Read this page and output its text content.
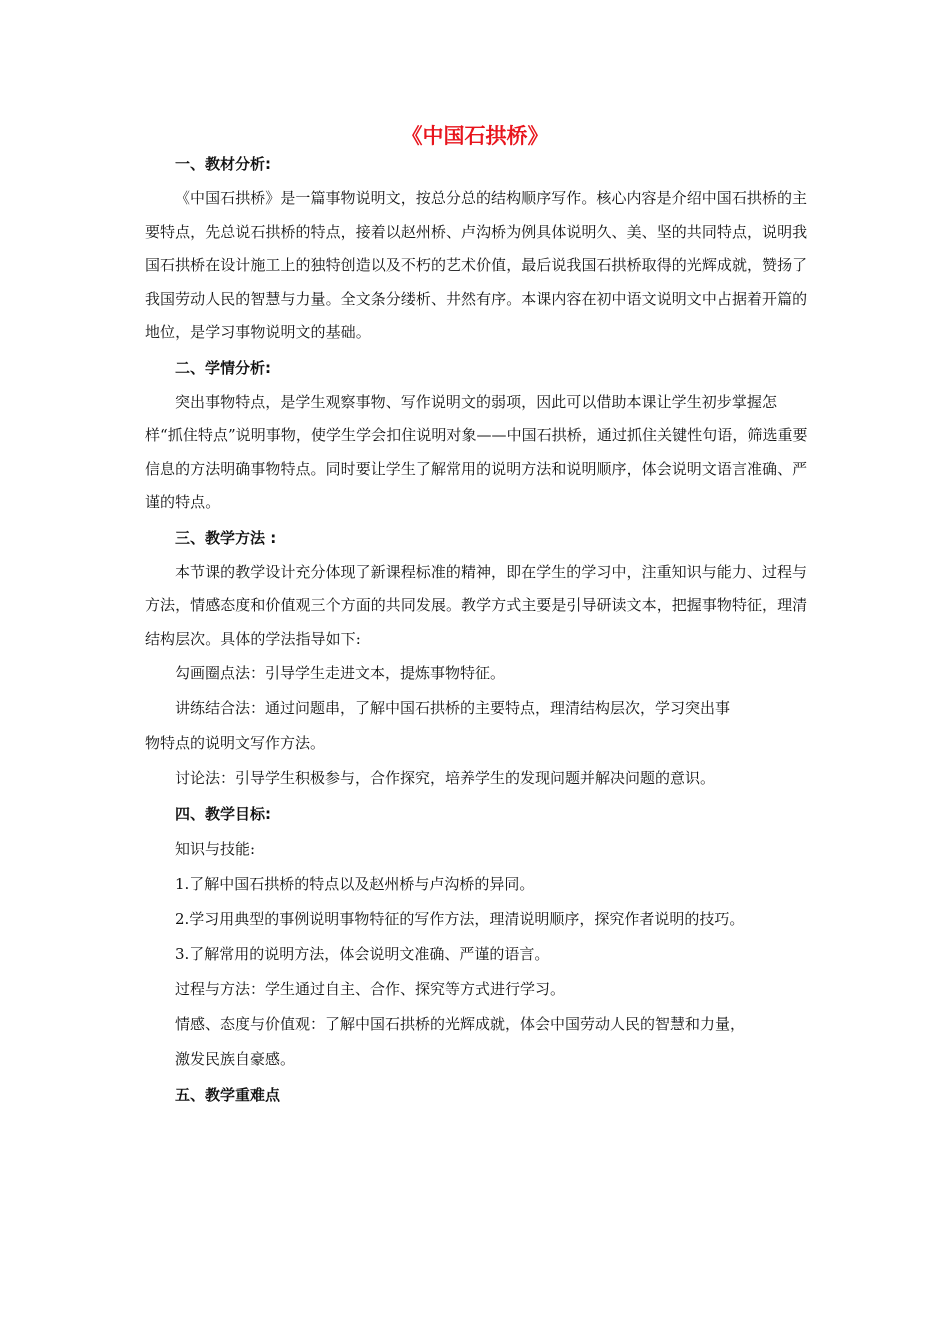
《中国石拱桥》
一、教材分析:

《中国石拱桥》是一篇事物说明文，按总分总的结构顺序写作。核心内容是介绍中国石拱桥的主要特点，先总说石拱桥的特点，接着以赵州桥、卢沟桥为例具体说明久、美、坚的共同特点，说明我国石拱桥在设计施工上的独特创造以及不朽的艺术价值，最后说我国石拱桥取得的光辉成就，赞扬了我国劳动人民的智慧与力量。全文条分缕析、井然有序。本课内容在初中语文说明文中占据着开篇的地位，是学习事物说明文的基础。

二、学情分析:

突出事物特点，是学生观察事物、写作说明文的弱项，因此可以借助本课让学生初步掌握怎样“抓住特点”说明事物，使学生学会扣住说明对象——中国石拱桥，通过抓住关键性句语，筛选重要信息的方法明确事物特点。同时要让学生了解常用的说明方法和说明顺序，体会说明文语言准确、严谨的特点。

三、教学方法 :

本节课的教学设计充分体现了新课程标准的精神，即在学生的学习中，注重知识与能力、过程与方法，情感态度和价值观三个方面的共同发展。教学方式主要是引导研读文本，把握事物特征，理清结构层次。具体的学法指导如下:

勾画圈点法：引导学生走进文本，提炼事物特征。

讲练结合法：通过问题串，了解中国石拱桥的主要特点，理清结构层次，学习突出事

物特点的说明文写作方法。

讨论法：引导学生积极参与，合作探究，培养学生的发现问题并解决问题的意识。

四、教学目标:

知识与技能:

1.了解中国石拱桥的特点以及赵州桥与卢沟桥的异同。

2.学习用典型的事例说明事物特征的写作方法，理清说明顺序，探究作者说明的技巧。

3.了解常用的说明方法，体会说明文准确、严谨的语言。

过程与方法：学生通过自主、合作、探究等方式进行学习。

情感、态度与价值观：了解中国石拱桥的光辉成就，体会中国劳动人民的智慧和力量，

激发民族自豪感。

五、教学重难点
